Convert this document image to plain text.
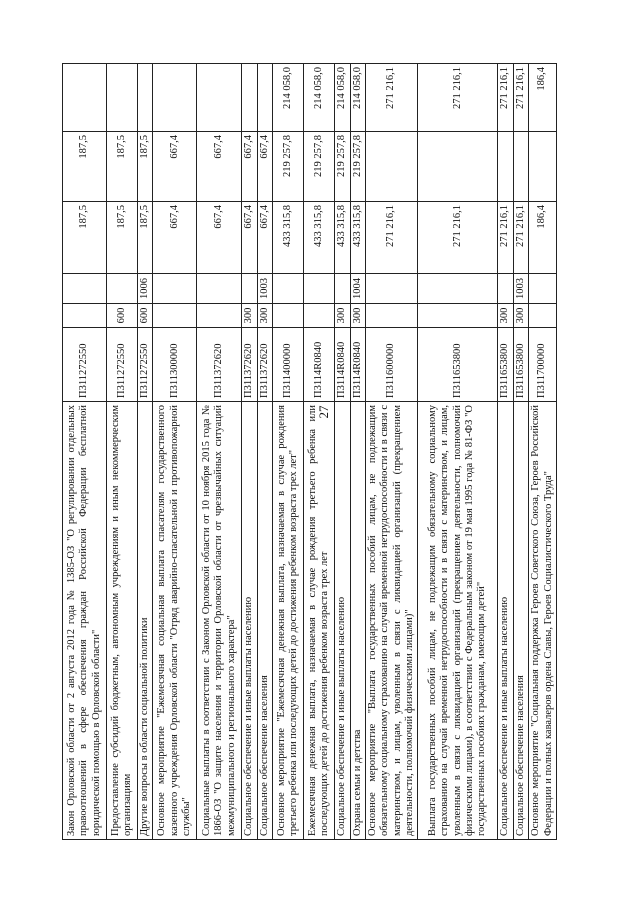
27
Закон Орловской области от 2 августа 2012 года № 1385-ОЗ "О регулировании отдельных правоотношений в сфере обеспечения граждан Российской Федерации бесплатной юридической помощью в Орловской области"	П311272550			187,5	187,5	
Предоставление субсидий бюджетным, автономным учреждениям и иным некоммерческим организациям	П311272550	600		187,5	187,5	
Другие вопросы в области социальной политики	П311272550	600	1006	187,5	187,5	
Основное мероприятие "Ежемесячная социальная выплата спасателям государственного казенного учреждения Орловской области "Отряд аварийно-спасательной и противопожарной службы"	П311300000			667,4	667,4	
Социальные выплаты в соответствии с Законом Орловской области от 10 ноября 2015 года № 1866-ОЗ "О защите населения и территории Орловской области от чрезвычайных ситуаций межмуниципального и регионального характера"	П311372620			667,4	667,4	
Социальное обеспечение и иные выплаты населению	П311372620	300		667,4	667,4	
Социальное обеспечение населения	П311372620	300	1003	667,4	667,4	
Основное мероприятие "Ежемесячная денежная выплата, назначаемая в случае рождения третьего ребенка или последующих детей до достижения ребенком возраста трех лет"	П311400000			433 315,8	219 257,8	214 058,0
Ежемесячная денежная выплата, назначаемая в случае рождения третьего ребенка или последующих детей до достижения ребенком возраста трех лет	П3114R0840			433 315,8	219 257,8	214 058,0
Социальное обеспечение и иные выплаты населению	П3114R0840	300		433 315,8	219 257,8	214 058,0
Охрана семьи и детства	П3114R0840	300	1004	433 315,8	219 257,8	214 058,0
Основное мероприятие "Выплата государственных пособий лицам, не подлежащим обязательному социальному страхованию на случай временной нетрудоспособности и в связи с материнством, и лицам, уволенным в связи с ликвидацией организаций (прекращением деятельности, полномочий физическими лицами)"	П311600000			271 216,1		271 216,1
Выплата государственных пособий лицам, не подлежащим обязательному социальному страхованию на случай временной нетрудоспособности и в связи с материнством, и лицам, уволенным в связи с ликвидацией организаций (прекращением деятельности, полномочий физическими лицами), в соответствии с Федеральным законом от 19 мая 1995 года № 81-ФЗ "О государственных пособиях гражданам, имеющим детей"	П311653800			271 216,1		271 216,1
Социальное обеспечение и иные выплаты населению	П311653800	300		271 216,1		271 216,1
Социальное обеспечение населения	П311653800	300	1003	271 216,1		271 216,1
Основное мероприятие "Социальная поддержка Героев Советского Союза, Героев Российской Федерации и полных кавалеров ордена Славы, Героев Социалистического Труда"	П311700000			186,4		186,4
